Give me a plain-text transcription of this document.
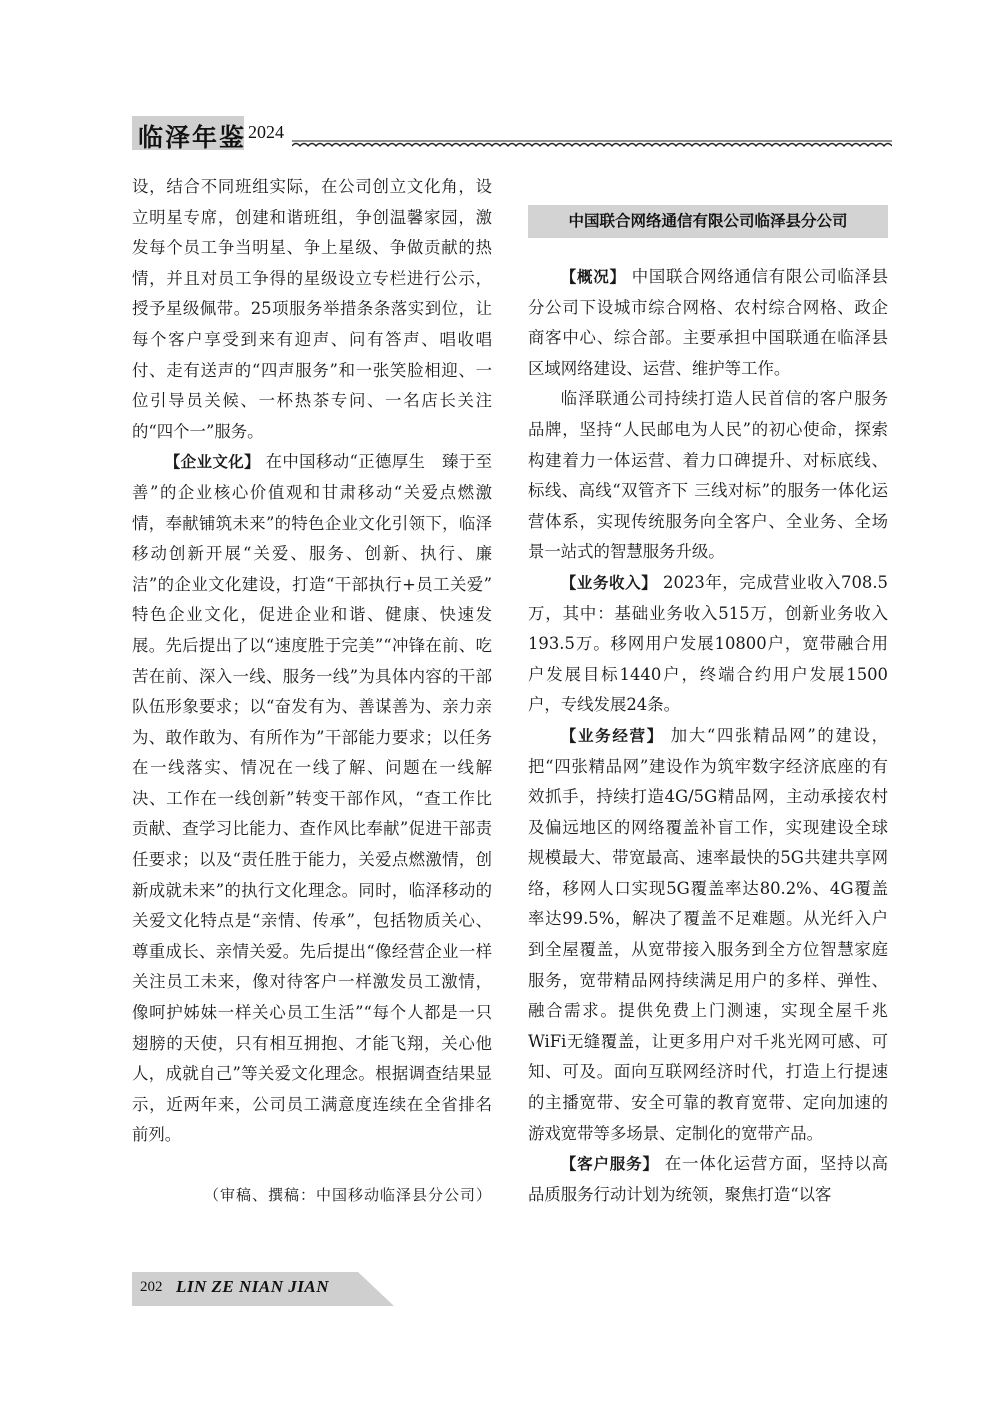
临泽年鉴 2024

设，结合不同班组实际，在公司创立文化角，设立明星专席，创建和谐班组，争创温馨家园，激发每个员工争当明星、争上星级、争做贡献的热情，并且对员工争得的星级设立专栏进行公示，授予星级佩带。25项服务举措条条落实到位，让每个客户享受到来有迎声、问有答声、唱收唱付、走有送声的“四声服务”和一张笑脸相迎、一位引导员关候、一杯热茶专问、一名店长关注的“四个一”服务。

【企业文化】 在中国移动“正德厚生　臻于至善”的企业核心价值观和甘肃移动“关爱点燃激情，奉献铺筑未来”的特色企业文化引领下，临泽移动创新开展“关爱、服务、创新、执行、廉洁”的企业文化建设，打造“干部执行+员工关爱” 特色企业文化，促进企业和谐、健康、快速发展。先后提出了以“速度胜于完美”“冲锋在前、吃苦在前、深入一线、服务一线”为具体内容的干部队伍形象要求；以“奋发有为、善谋善为、亲力亲为、敢作敢为、有所作为”干部能力要求；以任务在一线落实、情况在一线了解、问题在一线解决、工作在一线创新”转变干部作风，“查工作比贡献、查学习比能力、查作风比奉献”促进干部责任要求；以及“责任胜于能力，关爱点燃激情，创新成就未来”的执行文化理念。同时，临泽移动的关爱文化特点是“亲情、传承”，包括物质关心、尊重成长、亲情关爱。先后提出“像经营企业一样关注员工未来，像对待客户一样激发员工激情，像呵护姊妹一样关心员工生活”“每个人都是一只翅膀的天使，只有相互拥抱、才能飞翔，关心他人，成就自己”等关爱文化理念。根据调查结果显示，近两年来，公司员工满意度连续在全省排名前列。

（审稿、撰稿：中国移动临泽县分公司）
中国联合网络通信有限公司临泽县分公司

【概况】 中国联合网络通信有限公司临泽县分公司下设城市综合网格、农村综合网格、政企商客中心、综合部。主要承担中国联通在临泽县区域网络建设、运营、维护等工作。

临泽联通公司持续打造人民首信的客户服务品牌，坚持“人民邮电为人民”的初心使命，探索构建着力一体运营、着力口碑提升、对标底线、标线、高线“双管齐下 三线对标”的服务一体化运营体系，实现传统服务向全客户、全业务、全场景一站式的智慧服务升级。

【业务收入】 2023年，完成营业收入708.5万，其中：基础业务收入515万，创新业务收入193.5万。移网用户发展10800户，宽带融合用户发展目标1440户，终端合约用户发展1500户，专线发展24条。

【业务经营】 加大“四张精品网”的建设，把“四张精品网”建设作为筑牢数字经济底座的有效抓手，持续打造4G/5G精品网，主动承接农村及偏远地区的网络覆盖补盲工作，实现建设全球规模最大、带宽最高、速率最快的5G共建共享网络，移网人口实现5G覆盖率达80.2%、4G覆盖率达99.5%，解决了覆盖不足难题。从光纤入户到全屋覆盖，从宽带接入服务到全方位智慧家庭服务，宽带精品网持续满足用户的多样、弹性、融合需求。提供免费上门测速，实现全屋千兆WiFi无缝覆盖，让更多用户对千兆光网可感、可知、可及。面向互联网经济时代，打造上行提速的主播宽带、安全可靠的教育宽带、定向加速的游戏宽带等多场景、定制化的宽带产品。

【客户服务】 在一体化运营方面，坚持以高品质服务行动计划为统领，聚焦打造“以客

202 LIN ZE NIAN JIAN
